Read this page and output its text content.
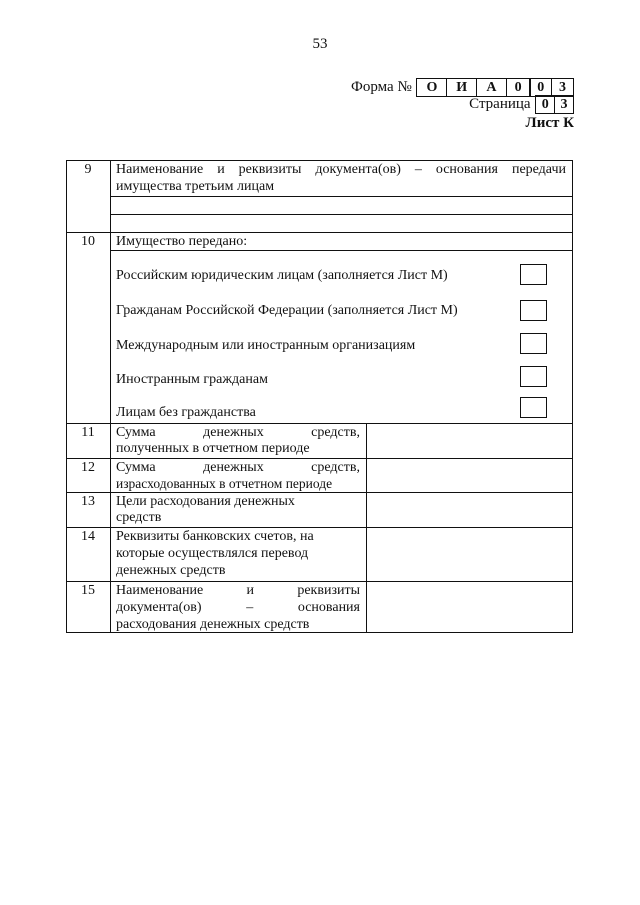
53
Форма №	О	И	А	0	0	3
Страница 0 3
Лист К
9	Наименование и реквизиты документа(ов) – основания передачи
имущества третьим лицам
10	Имущество передано:
Российским юридическим лицам (заполняется Лист М)
Гражданам Российской Федерации (заполняется Лист М)
Международным или иностранным организациям
Иностранным гражданам
Лицам без гражданства
11	Сумма денежных средств,
полученных в отчетном периоде
12	Сумма денежных средств,
израсходованных в отчетном периоде
13	Цели расходования денежных
средств
14	Реквизиты банковских счетов, на
которые осуществлялся перевод
денежных средств
15	Наименование и реквизиты
документа(ов) – основания
расходования денежных средств
